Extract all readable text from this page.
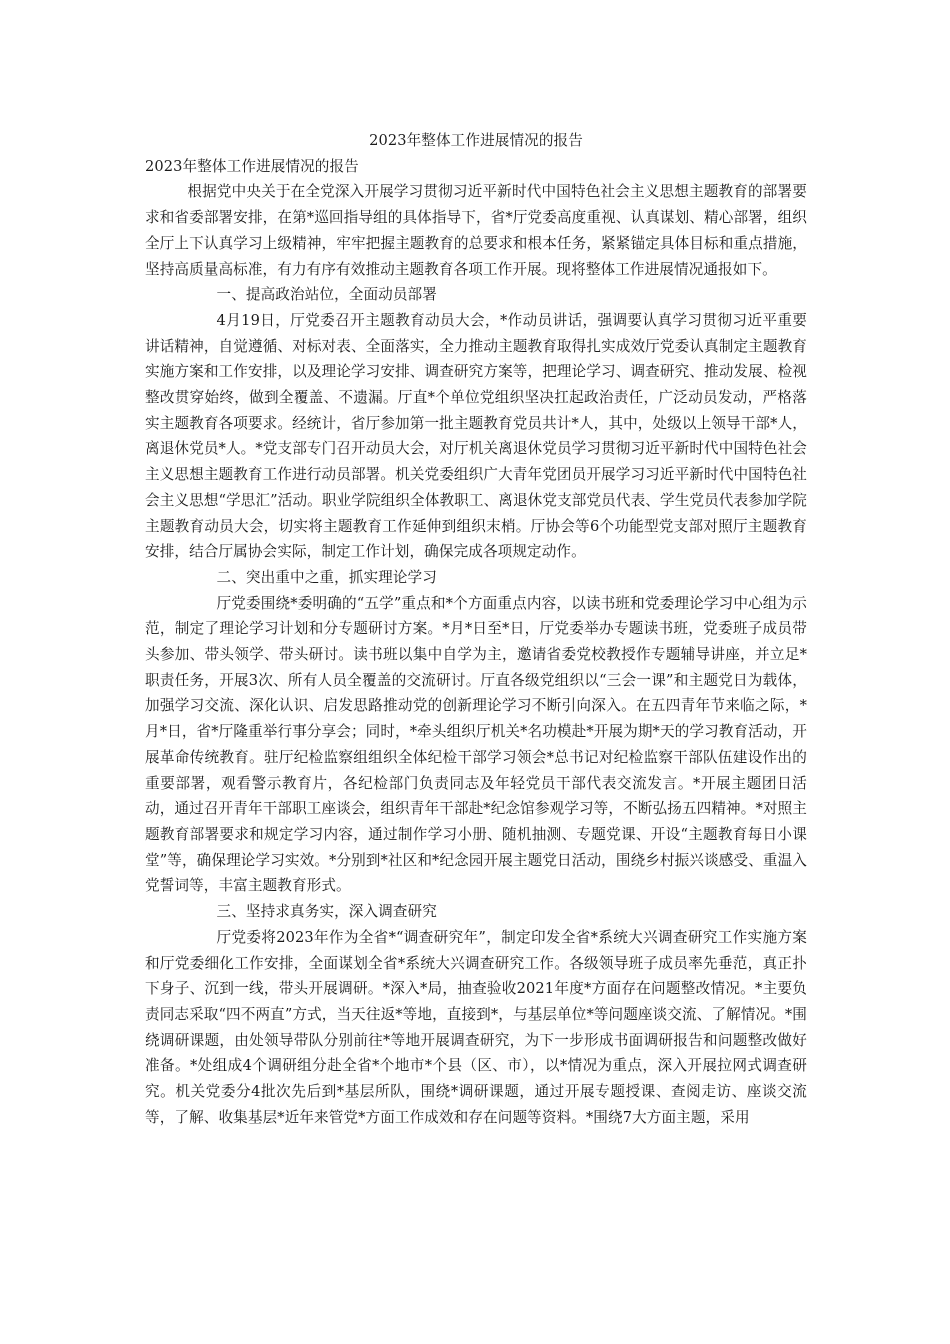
2023年整体工作进展情况的报告

2023年整体工作进展情况的报告

根据党中央关于在全党深入开展学习贯彻习近平新时代中国特色社会主义思想主题教育的部署要求和省委部署安排，在第*巡回指导组的具体指导下，省*厅党委高度重视、认真谋划、精心部署，组织全厅上下认真学习上级精神，牢牢把握主题教育的总要求和根本任务，紧紧锚定具体目标和重点措施，坚持高质量高标准，有力有序有效推动主题教育各项工作开展。现将整体工作进展情况通报如下。

一、提高政治站位，全面动员部署

4月19日，厅党委召开主题教育动员大会，*作动员讲话，强调要认真学习贯彻习近平重要讲话精神，自觉遵循、对标对表、全面落实，全力推动主题教育取得扎实成效厅党委认真制定主题教育实施方案和工作安排，以及理论学习安排、调查研究方案等，把理论学习、调查研究、推动发展、检视整改贯穿始终，做到全覆盖、不遗漏。厅直*个单位党组织坚决扛起政治责任，广泛动员发动，严格落实主题教育各项要求。经统计，省厅参加第一批主题教育党员共计*人，其中，处级以上领导干部*人，离退休党员*人。*党支部专门召开动员大会，对厅机关离退休党员学习贯彻习近平新时代中国特色社会主义思想主题教育工作进行动员部署。机关党委组织广大青年党团员开展学习习近平新时代中国特色社会主义思想“学思汇”活动。职业学院组织全体教职工、离退休党支部党员代表、学生党员代表参加学院主题教育动员大会，切实将主题教育工作延伸到组织末梢。厅协会等6个功能型党支部对照厅主题教育安排，结合厅属协会实际，制定工作计划，确保完成各项规定动作。

二、突出重中之重，抓实理论学习

厅党委围绕*委明确的“五学”重点和*个方面重点内容，以读书班和党委理论学习中心组为示范，制定了理论学习计划和分专题研讨方案。*月*日至*日，厅党委举办专题读书班，党委班子成员带头参加、带头领学、带头研讨。读书班以集中自学为主，邀请省委党校教授作专题辅导讲座，并立足*职责任务，开展3次、所有人员全覆盖的交流研讨。厅直各级党组织以“三会一课”和主题党日为载体，加强学习交流、深化认识、启发思路推动党的创新理论学习不断引向深入。在五四青年节来临之际，*月*日，省*厅隆重举行事分享会；同时，*牵头组织厅机关*名功模赴*开展为期*天的学习教育活动，开展革命传统教育。驻厅纪检监察组组织全体纪检干部学习领会*总书记对纪检监察干部队伍建设作出的重要部署，观看警示教育片，各纪检部门负责同志及年轻党员干部代表交流发言。*开展主题团日活动，通过召开青年干部职工座谈会，组织青年干部赴*纪念馆参观学习等，不断弘扬五四精神。*对照主题教育部署要求和规定学习内容，通过制作学习小册、随机抽测、专题党课、开设“主题教育每日小课堂”等，确保理论学习实效。*分别到*社区和*纪念园开展主题党日活动，围绕乡村振兴谈感受、重温入党誓词等，丰富主题教育形式。

三、坚持求真务实，深入调查研究

厅党委将2023年作为全省*“调查研究年”，制定印发全省*系统大兴调查研究工作实施方案和厅党委细化工作安排，全面谋划全省*系统大兴调查研究工作。各级领导班子成员率先垂范，真正扑下身子、沉到一线，带头开展调研。*深入*局，抽查验收2021年度*方面存在问题整改情况。*主要负责同志采取“四不两直”方式，当天往返*等地，直接到*，与基层单位*等问题座谈交流、了解情况。*围绕调研课题，由处领导带队分别前往*等地开展调查研究，为下一步形成书面调研报告和问题整改做好准备。*处组成4个调研组分赴全省*个地市*个县（区、市），以*情况为重点，深入开展拉网式调查研究。机关党委分4批次先后到*基层所队，围绕*调研课题，通过开展专题授课、查阅走访、座谈交流等，了解、收集基层*近年来管党*方面工作成效和存在问题等资料。*围绕7大方面主题，采用
